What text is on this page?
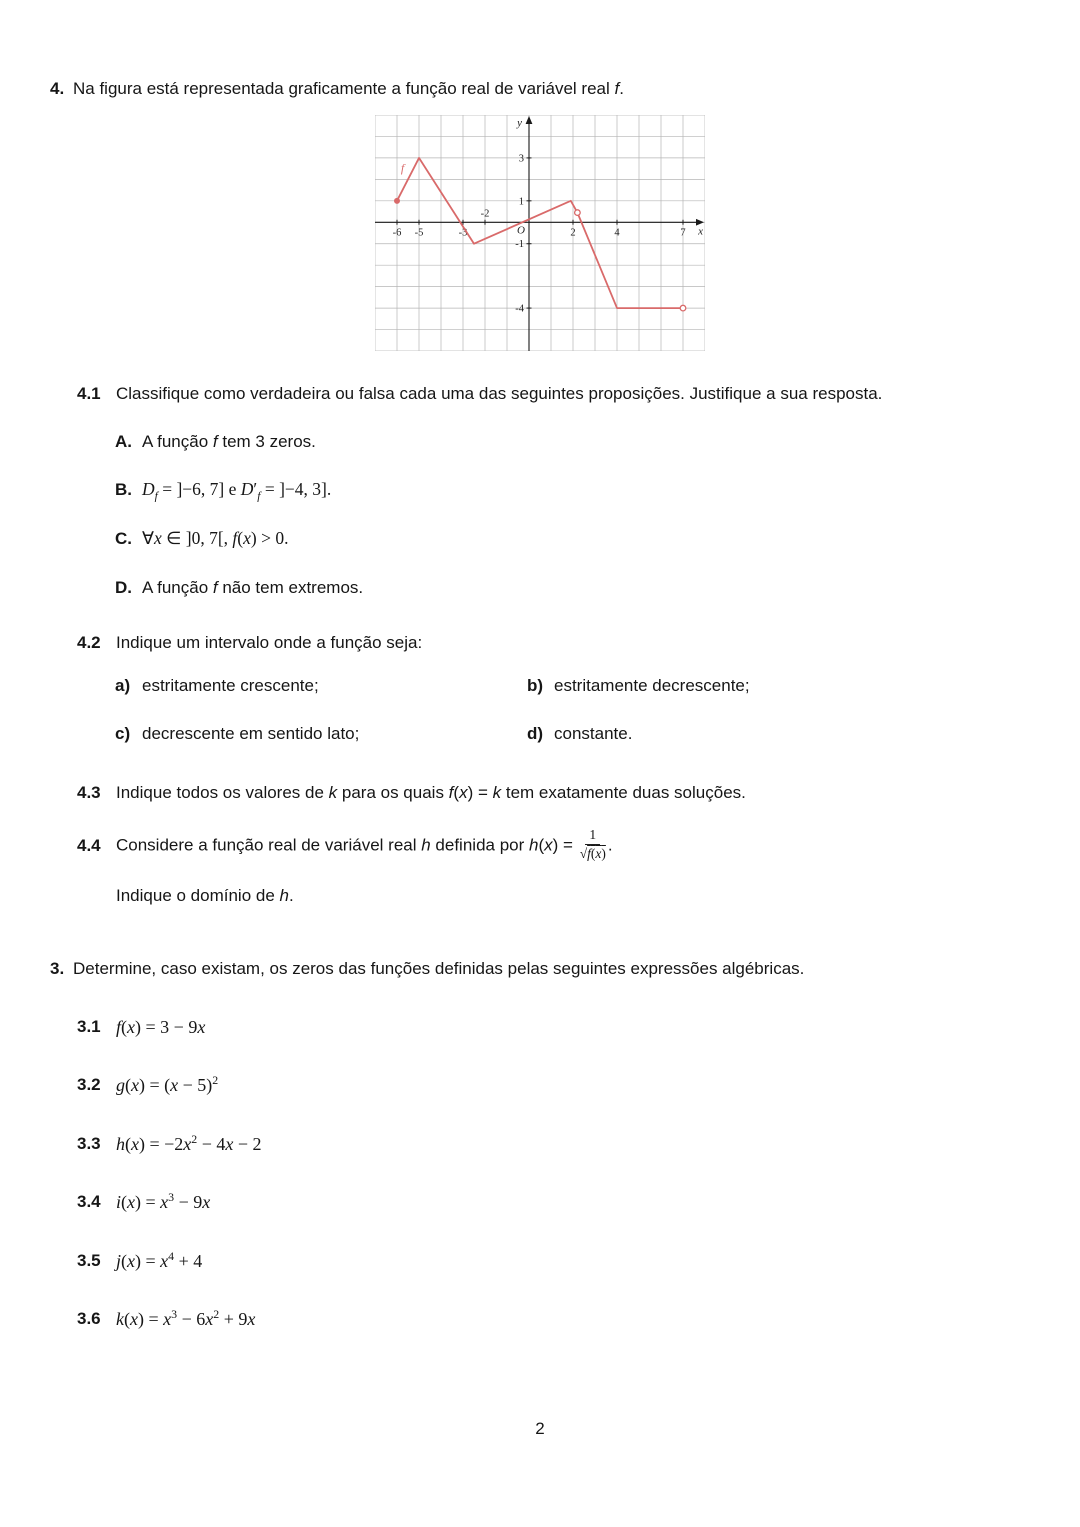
4. Na figura está representada graficamente a função real de variável real f.
-6 -5	-3
-2
2	4	7
3
1
-1
-4
O	x
y
f
4.1 Classifique como verdadeira ou falsa cada uma das seguintes proposições. Justifique a sua resposta.
A. A função f tem 3 zeros.
B. $D_f = ]-6$, 7] e $D'_f = ]-4$, 3].
C. ∀x ∈ ]0, 7[, f(x) > 0.
D. A função f não tem extremos.
4.2 Indique um intervalo onde a função seja:
a) estritamente crescente;	b) estritamente decrescente;
c) decrescente em sentido lato;	d) constante.
4.3 Indique todos os valores de k para os quais f(x) = k tem exatamente duas soluções.
4.4 Considere a função real de variável real h definida por $h(x) = \frac{1}{√f(x)}$ .
Indique o domínio de h.
3. Determine, caso existam, os zeros das funções definidas pelas seguintes expressões algébricas.
3.1 f(x) = 3 − 9x
3.2 $g(x) = (x - 5)^2$
3.3 $h(x) = -2x^2 - 4x - 2$
3.4 $i(x) = x^3 - 9x$
3.5 $j(x) = x^4 + 4$
3.6 $k(x) = x^3 - 6x^2 + 9x$
2
